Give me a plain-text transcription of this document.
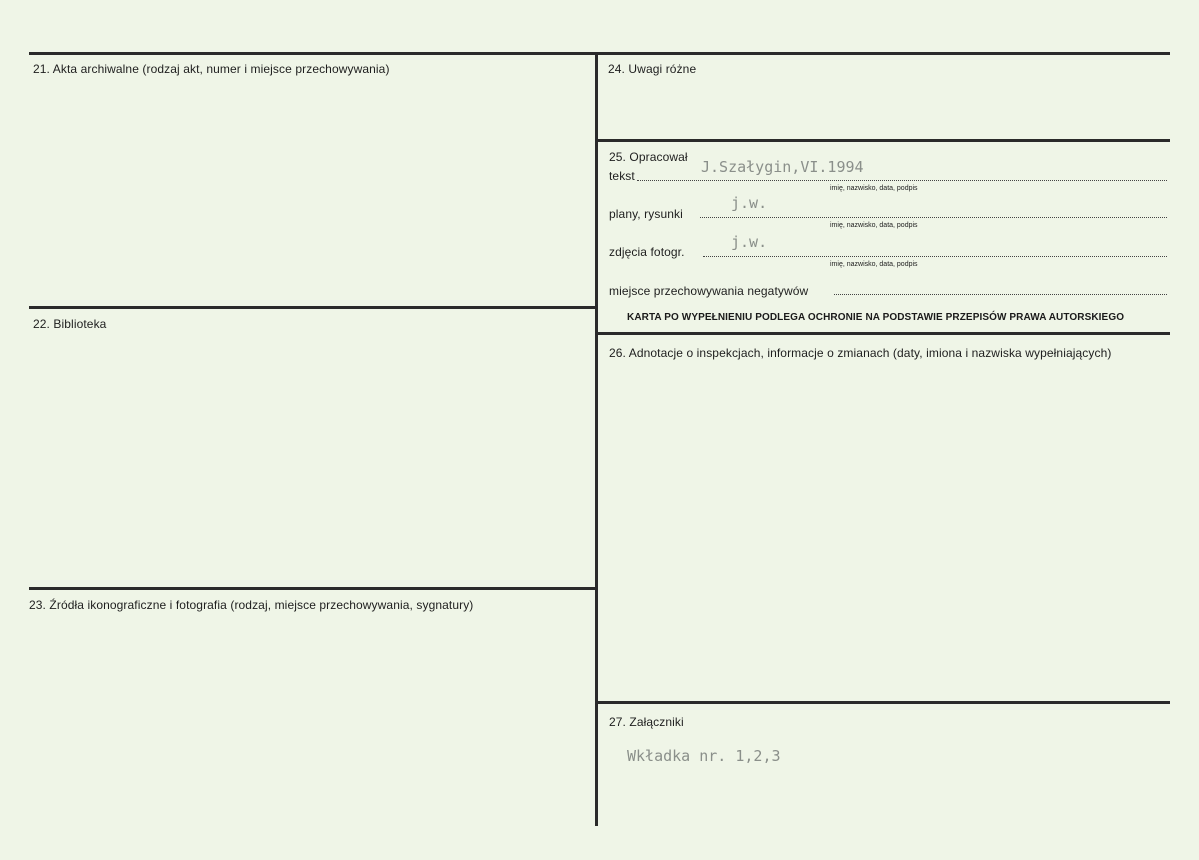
21. Akta archiwalne (rodzaj akt, numer i miejsce przechowywania)
22. Biblioteka
23. Źródła ikonograficzne i fotografia (rodzaj, miejsce przechowywania, sygnatury)
24. Uwagi różne
25. Opracował
tekst	J.Szałygin,VI.1994
imię, nazwisko, data, podpis
plany, rysunki
j.w.
imię, nazwisko, data, podpis
zdjęcia fotogr.
j.w.
imię, nazwisko, data, podpis
miejsce przechowywania negatywów
KARTA PO WYPEŁNIENIU PODLEGA OCHRONIE NA PODSTAWIE PRZEPISÓW PRAWA AUTORSKIEGO
26. Adnotacje o inspekcjach, informacje o zmianach (daty, imiona i nazwiska wypełniających)
27. Załączniki
Wkładka nr. 1,2,3
